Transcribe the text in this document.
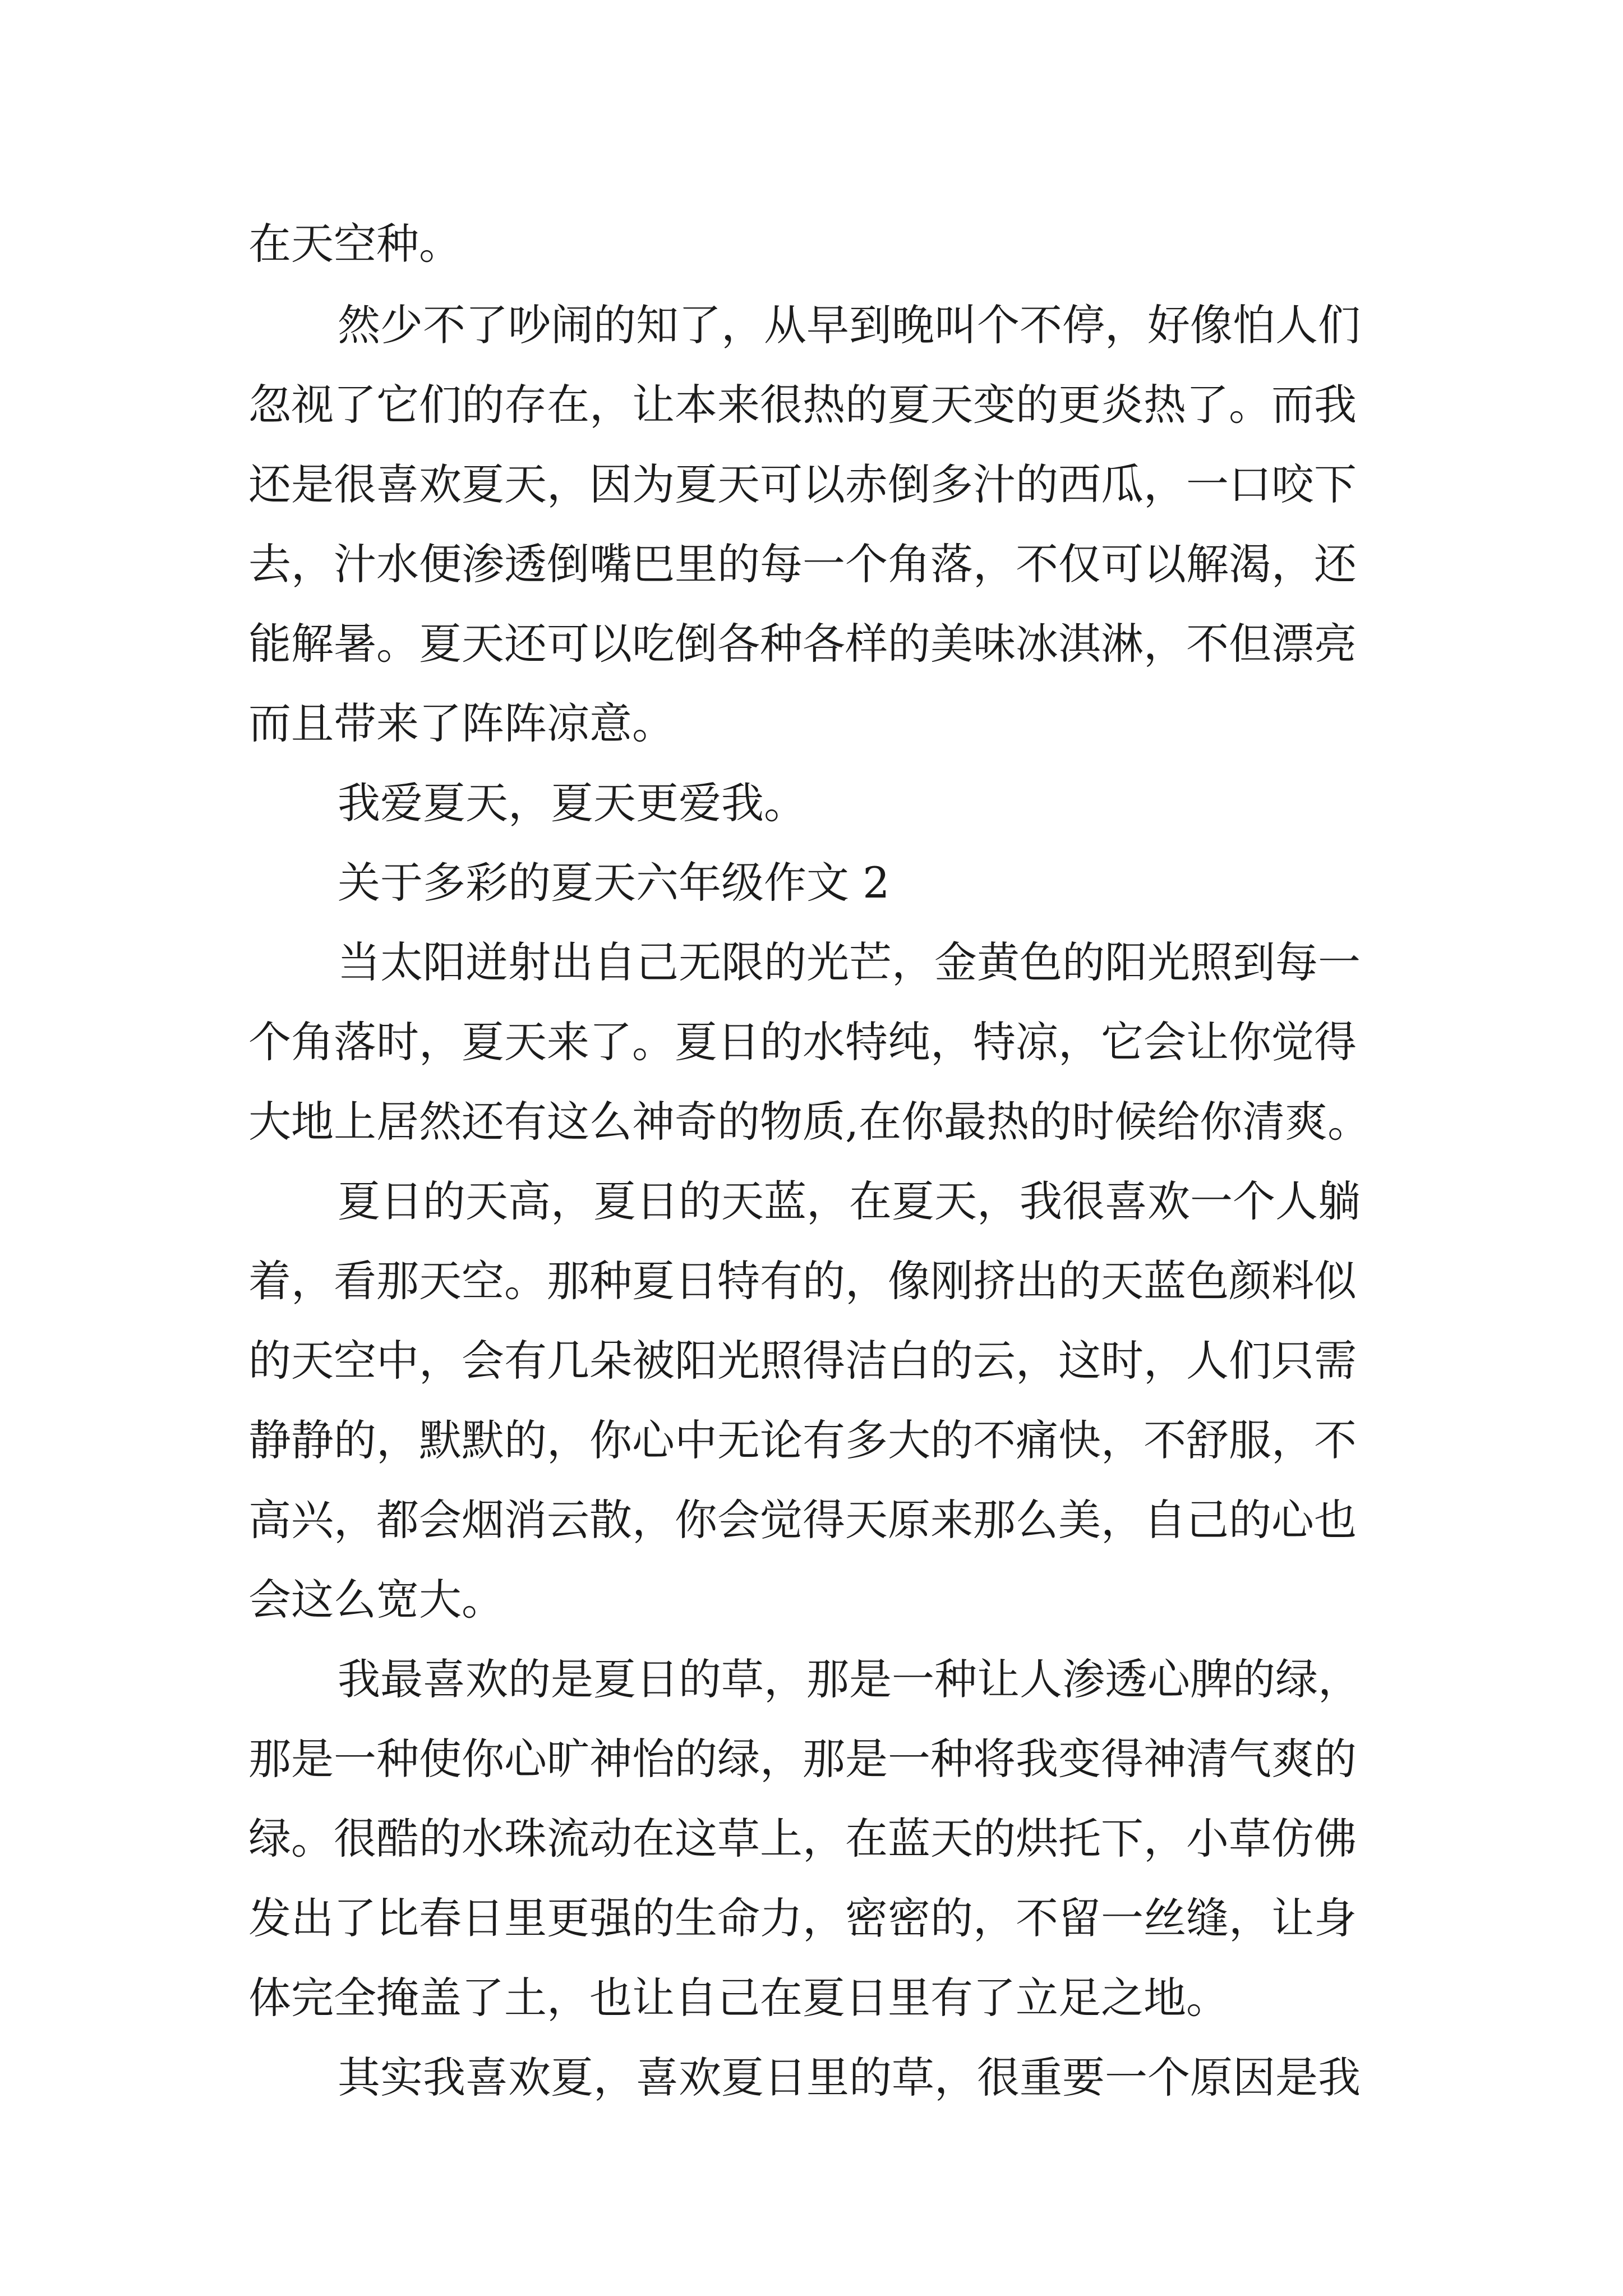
在天空种。
然少不了吵闹的知了，从早到晚叫个不停，好像怕人们
忽视了它们的存在，让本来很热的夏天变的更炎热了。而我
还是很喜欢夏天，因为夏天可以赤倒多汁的西瓜，一口咬下
去，汁水便渗透倒嘴巴里的每一个角落，不仅可以解渴，还
能解暑。夏天还可以吃倒各种各样的美味冰淇淋，不但漂亮
而且带来了阵阵凉意。
我爱夏天，夏天更爱我。
关于多彩的夏天六年级作文 2
当太阳迸射出自己无限的光芒，金黄色的阳光照到每一
个角落时，夏天来了。夏日的水特纯，特凉，它会让你觉得
大地上居然还有这么神奇的物质,在你最热的时候给你清爽。
夏日的天高，夏日的天蓝，在夏天，我很喜欢一个人躺
着，看那天空。那种夏日特有的，像刚挤出的天蓝色颜料似
的天空中，会有几朵被阳光照得洁白的云，这时，人们只需
静静的，默默的，你心中无论有多大的不痛快，不舒服，不
高兴，都会烟消云散，你会觉得天原来那么美，自己的心也
会这么宽大。
我最喜欢的是夏日的草，那是一种让人渗透心脾的绿，
那是一种使你心旷神怡的绿，那是一种将我变得神清气爽的
绿。很酷的水珠流动在这草上，在蓝天的烘托下，小草仿佛
发出了比春日里更强的生命力，密密的，不留一丝缝，让身
体完全掩盖了土，也让自己在夏日里有了立足之地。
其实我喜欢夏，喜欢夏日里的草，很重要一个原因是我
